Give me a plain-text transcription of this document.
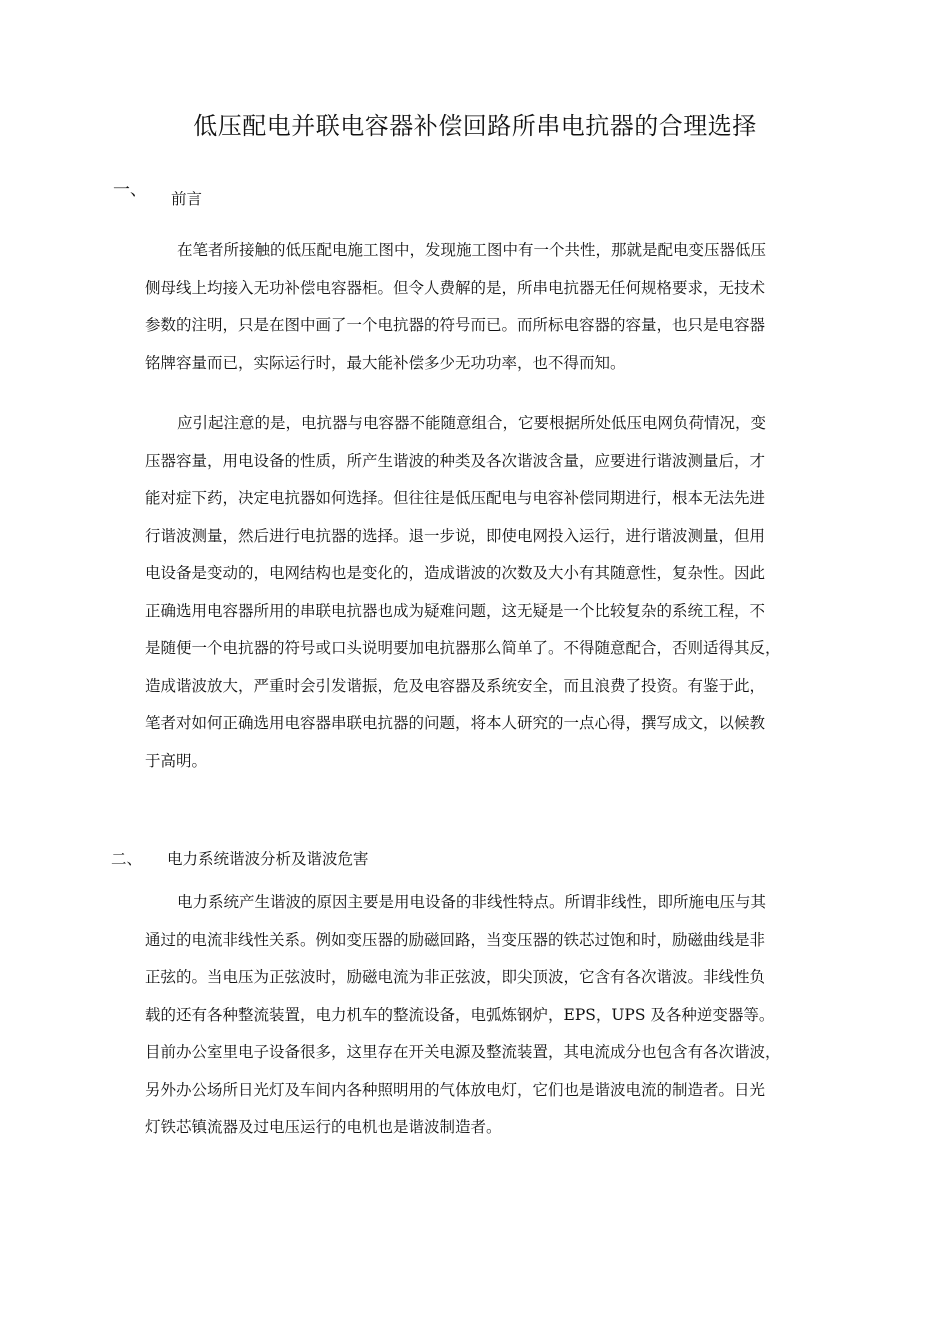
低压配电并联电容器补偿回路所串电抗器的合理选择
一、 前言
在笔者所接触的低压配电施工图中，发现施工图中有一个共性，那就是配电变压器低压
侧母线上均接入无功补偿电容器柜。但令人费解的是，所串电抗器无任何规格要求，无技术
参数的注明，只是在图中画了一个电抗器的符号而已。而所标电容器的容量，也只是电容器
铭牌容量而已，实际运行时，最大能补偿多少无功功率，也不得而知。
应引起注意的是，电抗器与电容器不能随意组合，它要根据所处低压电网负荷情况，变
压器容量，用电设备的性质，所产生谐波的种类及各次谐波含量，应要进行谐波测量后，才
能对症下药，决定电抗器如何选择。但往往是低压配电与电容补偿同期进行，根本无法先进
行谐波测量，然后进行电抗器的选择。退一步说，即使电网投入运行，进行谐波测量，但用
电设备是变动的，电网结构也是变化的，造成谐波的次数及大小有其随意性，复杂性。因此
正确选用电容器所用的串联电抗器也成为疑难问题，这无疑是一个比较复杂的系统工程，不
是随便一个电抗器的符号或口头说明要加电抗器那么简单了。不得随意配合，否则适得其反，
造成谐波放大，严重时会引发谐振，危及电容器及系统安全，而且浪费了投资。有鉴于此，
笔者对如何正确选用电容器串联电抗器的问题，将本人研究的一点心得，撰写成文，以候教
于高明。
二、 电力系统谐波分析及谐波危害
电力系统产生谐波的原因主要是用电设备的非线性特点。所谓非线性，即所施电压与其
通过的电流非线性关系。例如变压器的励磁回路，当变压器的铁芯过饱和时，励磁曲线是非
正弦的。当电压为正弦波时，励磁电流为非正弦波，即尖顶波，它含有各次谐波。非线性负
载的还有各种整流装置，电力机车的整流设备，电弧炼钢炉，EPS，UPS 及各种逆变器等。
目前办公室里电子设备很多，这里存在开关电源及整流装置，其电流成分也包含有各次谐波，
另外办公场所日光灯及车间内各种照明用的气体放电灯，它们也是谐波电流的制造者。日光
灯铁芯镇流器及过电压运行的电机也是谐波制造者。
